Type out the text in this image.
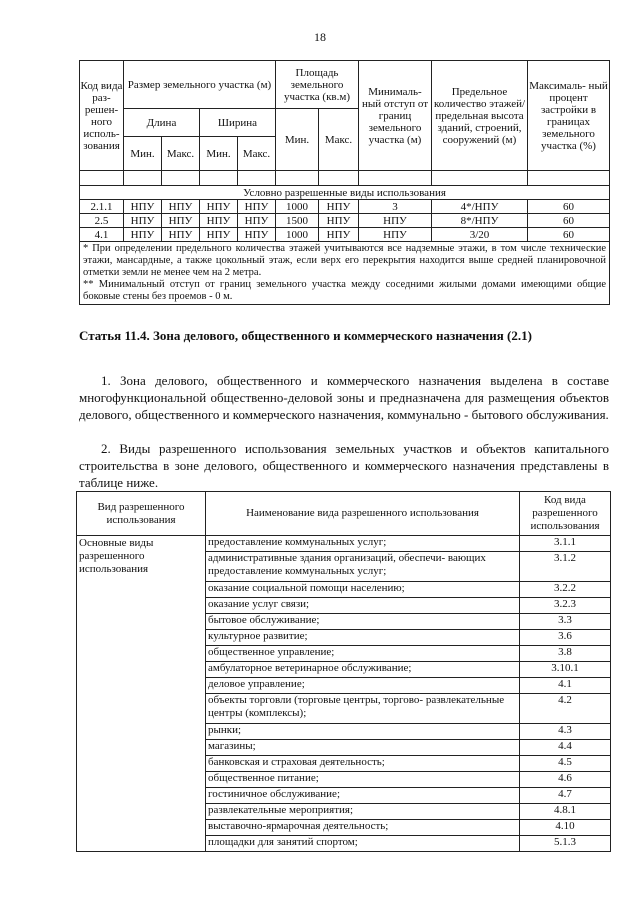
18
Код вида раз- решен- ного исполь- зования	Размер земельного участка (м)				Площадь земельного участка (кв.м)		Минималь- ный отступ от границ земельного участка (м)	Предельное количество этажей/ предельная высота зданий, строений, сооружений (м)	Максималь- ный процент застройки в границах земельного участка (%)
	Длина		Ширина		Мин.	Макс.			
	Мин.	Макс.	Мин.	Макс.					

Условно разрешенные виды использования									
2.1.1	НПУ	НПУ	НПУ	НПУ	1000	НПУ	3	4*/НПУ	60
2.5	НПУ	НПУ	НПУ	НПУ	1500	НПУ	НПУ	8*/НПУ	60
4.1	НПУ	НПУ	НПУ	НПУ	1000	НПУ	НПУ	3/20	60

* При определении предельного количества этажей учитываются все надземные этажи, в том числе технические этажи, мансардные, а также цокольный этаж, если верх его перекрытия находится выше средней планировочной отметки земли не менее чем на 2 метра.

** Минимальный отступ от границ земельного участка между соседними жилыми домами имеющими общие боковые стены без проемов - 0 м.									

Статья 11.4. Зона делового, общественного и коммерческого назначения (2.1)
1. Зона делового, общественного и коммерческого назначения выделена в составе многофункциональной общественно-деловой зоны и предназначена для размещения объектов делового, общественного и коммерческого назначения, коммунально - бытового обслуживания.
2. Виды разрешенного использования земельных участков и объектов капитального строительства в зоне делового, общественного и коммерческого назначения представлены в таблице ниже.
Вид разрешенного использования	Наименование вида разрешенного использования	Код вида разрешенного использования
Основные виды разрешенного использования	предоставление коммунальных услуг;	3.1.1
	административные здания организаций, обеспечи- вающих предоставление коммунальных услуг;	3.1.2
	оказание социальной помощи населению;	3.2.2
	оказание услуг связи;	3.2.3
	бытовое обслуживание;	3.3
	культурное развитие;	3.6
	общественное управление;	3.8
	амбулаторное ветеринарное обслуживание;	3.10.1
	деловое управление;	4.1
	объекты торговли (торговые центры, торгово- развлекательные центры (комплексы);	4.2
	рынки;	4.3
	магазины;	4.4
	банковская и страховая деятельность;	4.5
	общественное питание;	4.6
	гостиничное обслуживание;	4.7
	развлекательные мероприятия;	4.8.1
	выставочно-ярмарочная деятельность;	4.10
	площадки для занятий спортом;	5.1.3
